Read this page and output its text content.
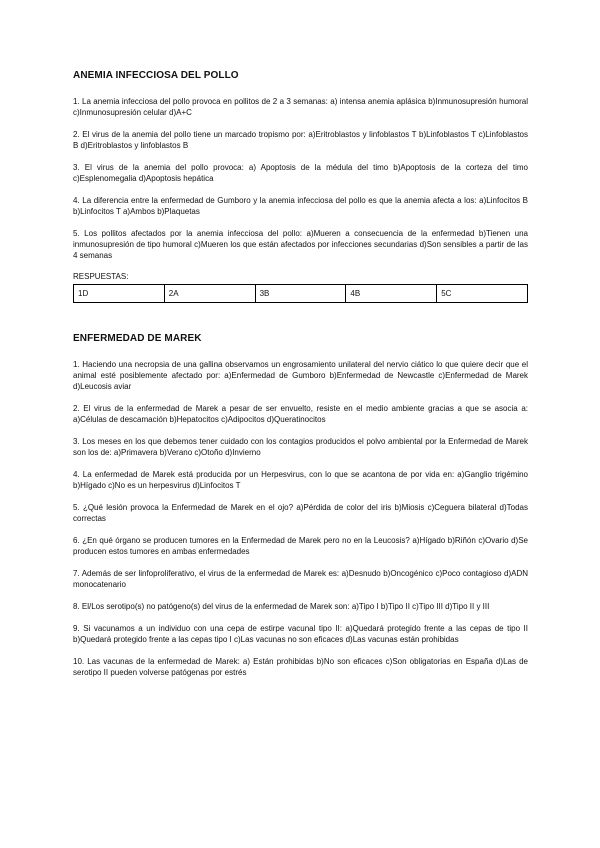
ANEMIA INFECCIOSA DEL POLLO
1. La anemia infecciosa del pollo provoca en pollitos de 2 a 3 semanas: a) intensa anemia aplásica b)Inmunosupresión humoral c)Inmunosupresión celular d)A+C
2. El virus de la anemia del pollo tiene un marcado tropismo por: a)Eritroblastos y linfoblastos T b)Linfoblastos T c)Linfoblastos B d)Eritroblastos y linfoblastos B
3. El virus de la anemia del pollo provoca: a) Apoptosis de la médula del timo b)Apoptosis de la corteza del timo c)Esplenomegalia d)Apoptosis hepática
4. La diferencia entre la enfermedad de Gumboro y la anemia infecciosa del pollo es que la anemia afecta a los: a)Linfocitos B b)Linfocitos T a)Ambos b)Plaquetas
5. Los pollitos afectados por la anemia infecciosa del pollo: a)Mueren a consecuencia de la enfermedad b)Tienen una inmunosupresión de tipo humoral c)Mueren los que están afectados por infecciones secundarias d)Son sensibles a partir de las 4 semanas
RESPUESTAS:
1D	2A	3B	4B	5C
ENFERMEDAD DE MAREK
1. Haciendo una necropsia de una gallina observamos un engrosamiento unilateral del nervio ciático lo que quiere decir que el animal esté posiblemente afectado por: a)Enfermedad de Gumboro b)Enfermedad de Newcastle c)Enfermedad de Marek d)Leucosis aviar
2. El virus de la enfermedad de Marek a pesar de ser envuelto, resiste en el medio ambiente gracias a que se asocia a: a)Células de descamación b)Hepatocitos c)Adipocitos d)Queratinocitos
3. Los meses en los que debemos tener cuidado con los contagios producidos el polvo ambiental por la Enfermedad de Marek son los de: a)Primavera b)Verano c)Otoño d)Invierno
4. La enfermedad de Marek está producida por un Herpesvirus, con lo que se acantona de por vida en: a)Ganglio trigémino b)Hígado c)No es un herpesvirus d)Linfocitos T
5. ¿Qué lesión provoca la Enfermedad de Marek en el ojo? a)Pérdida de color del iris b)Miosis c)Ceguera bilateral d)Todas correctas
6. ¿En qué órgano se producen tumores en la Enfermedad de Marek pero no en la Leucosis? a)Hígado b)Riñón c)Ovario d)Se producen estos tumores en ambas enfermedades
7. Además de ser linfoproliferativo, el virus de la enfermedad de Marek es: a)Desnudo b)Oncogénico c)Poco contagioso d)ADN monocatenario
8. El/Los serotipo(s) no patógeno(s) del virus de la enfermedad de Marek son: a)Tipo I b)Tipo II c)Tipo III d)Tipo II y III
9. Si vacunamos a un individuo con una cepa de estirpe vacunal tipo II: a)Quedará protegido frente a las cepas de tipo II b)Quedará protegido frente a las cepas tipo I c)Las vacunas no son eficaces d)Las vacunas están prohibidas
10. Las vacunas de la enfermedad de Marek: a) Están prohibidas b)No son eficaces c)Son obligatorias en España d)Las de serotipo II pueden volverse patógenas por estrés
